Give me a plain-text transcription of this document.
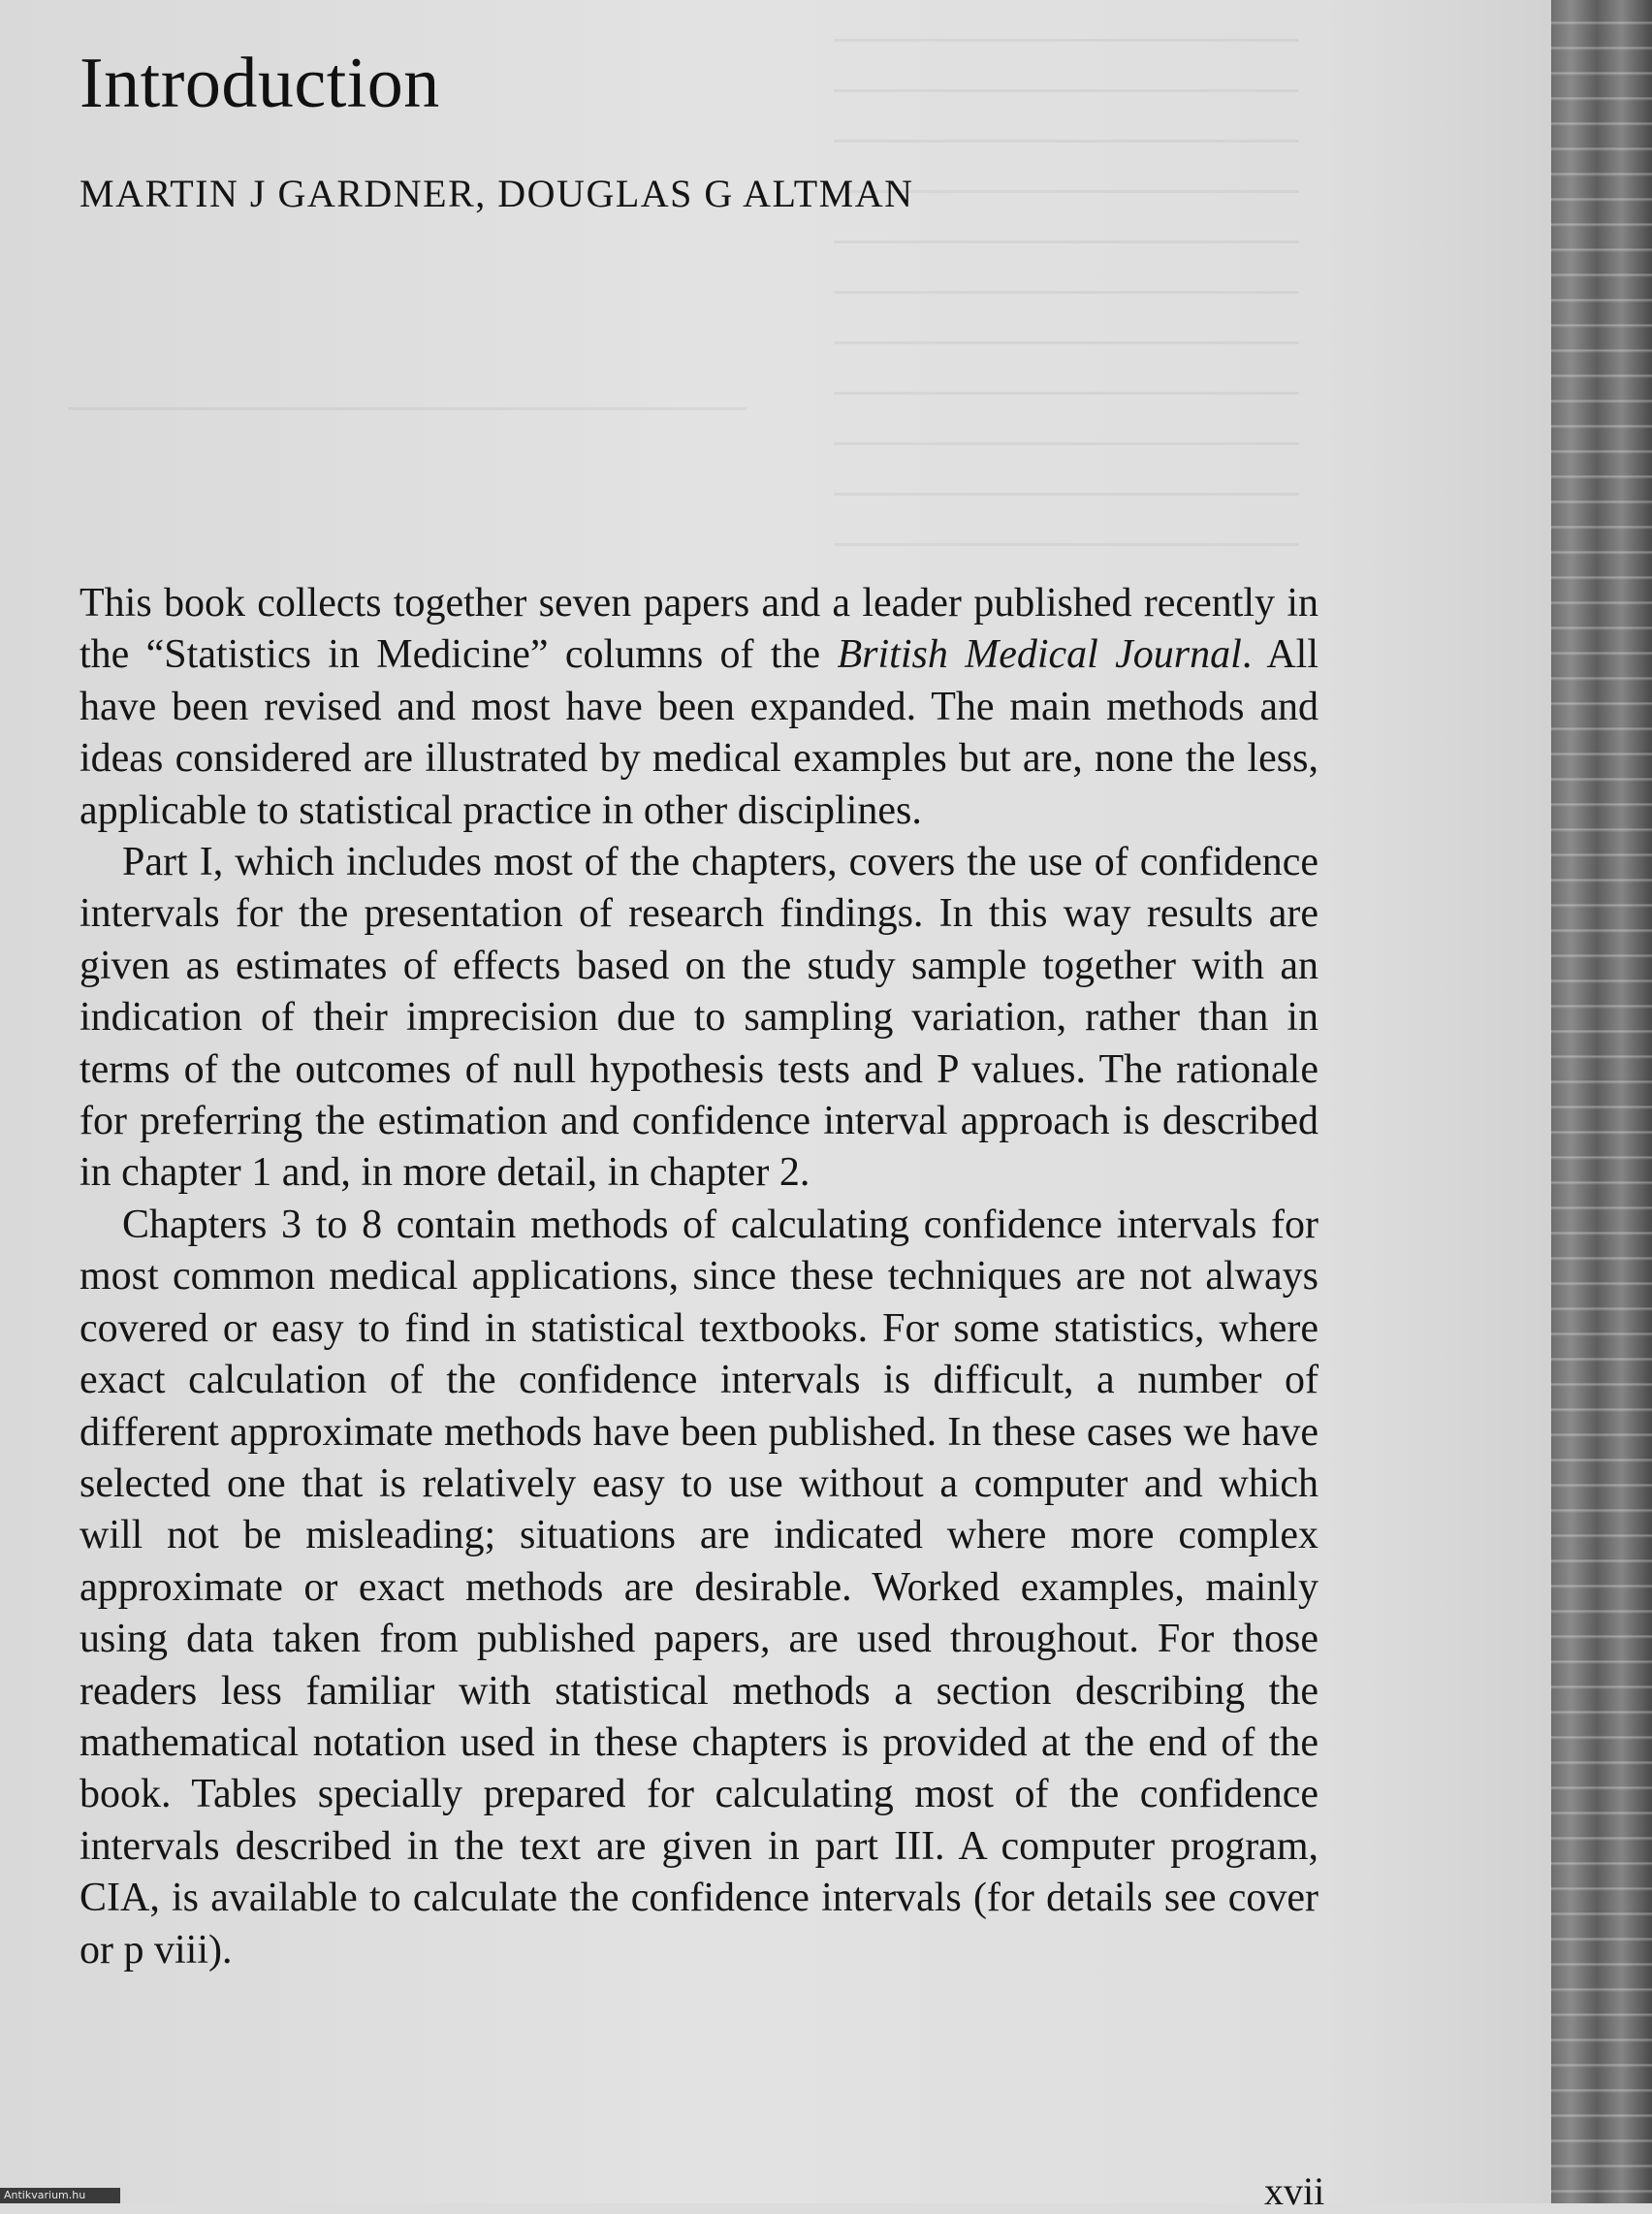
Introduction
MARTIN J GARDNER, DOUGLAS G ALTMAN

This book collects together seven papers and a leader published recently in the “Statistics in Medicine” columns of the British Medical Journal. All have been revised and most have been expanded. The main methods and ideas considered are illustrated by medical examples but are, none the less, applicable to statistical practice in other disciplines.

Part I, which includes most of the chapters, covers the use of confidence intervals for the presentation of research findings. In this way results are given as estimates of effects based on the study sample together with an indication of their imprecision due to sampling variation, rather than in terms of the outcomes of null hypothesis tests and P values. The rationale for preferring the estimation and confidence interval approach is described in chapter 1 and, in more detail, in chapter 2.

Chapters 3 to 8 contain methods of calculating confidence intervals for most common medical applications, since these techniques are not always covered or easy to find in statistical textbooks. For some statistics, where exact calculation of the confidence intervals is difficult, a number of different approximate methods have been published. In these cases we have selected one that is relatively easy to use without a computer and which will not be misleading; situations are indicated where more complex approximate or exact methods are desirable. Worked examples, mainly using data taken from published papers, are used throughout. For those readers less familiar with statistical methods a section describing the mathematical notation used in these chapters is provided at the end of the book. Tables specially prepared for calculating most of the confidence intervals described in the text are given in part III. A computer program, CIA, is available to calculate the confidence intervals (for details see cover or p viii).

xvii
Antikvarium.hu
